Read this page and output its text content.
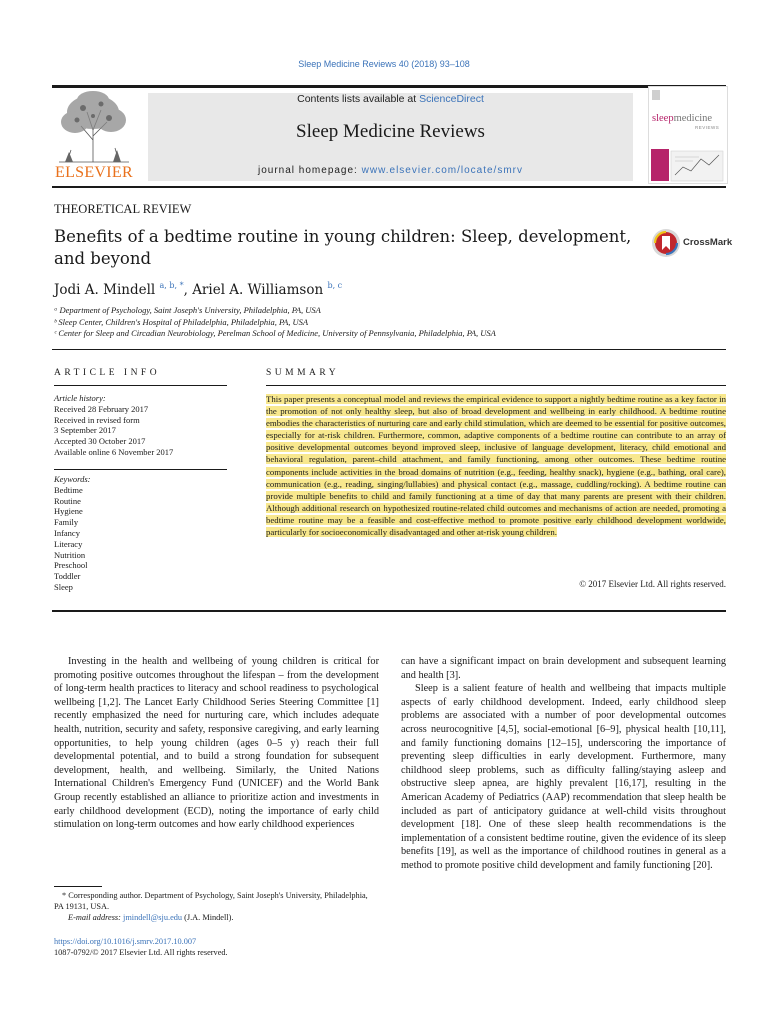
Sleep Medicine Reviews 40 (2018) 93–108
ELSEVIER
Contents lists available at ScienceDirect
Sleep Medicine Reviews
journal homepage: www.elsevier.com/locate/smrv
sleepmedicine
REVIEWS
THEORETICAL REVIEW
Benefits of a bedtime routine in young children: Sleep, development, and beyond
CrossMark
Jodi A. Mindell $^{a, b, *}$, Ariel A. Williamson $^{b, c}$
ᵃ Department of Psychology, Saint Joseph's University, Philadelphia, PA, USA
ᵇ Sleep Center, Children's Hospital of Philadelphia, Philadelphia, PA, USA
ᶜ Center for Sleep and Circadian Neurobiology, Perelman School of Medicine, University of Pennsylvania, Philadelphia, PA, USA
ARTICLE INFO
Article history:
Received 28 February 2017
Received in revised form
3 September 2017
Accepted 30 October 2017
Available online 6 November 2017
Keywords:
Bedtime
Routine
Hygiene
Family
Infancy
Literacy
Nutrition
Preschool
Toddler
Sleep
SUMMARY
This paper presents a conceptual model and reviews the empirical evidence to support a nightly bedtime routine as a key factor in the promotion of not only healthy sleep, but also of broad development and wellbeing in early childhood. A bedtime routine embodies the characteristics of nurturing care and early child stimulation, which are deemed to be essential for positive outcomes, especially for at-risk children. Furthermore, common, adaptive components of a bedtime routine can contribute to an array of positive developmental outcomes beyond improved sleep, inclusive of language development, literacy, child emotional and behavioral regulation, parent–child attachment, and family functioning, among other outcomes. These bedtime routine components include activities in the broad domains of nutrition (e.g., feeding, healthy snack), hygiene (e.g., bathing, oral care), communication (e.g., reading, singing/lullabies) and physical contact (e.g., massage, cuddling/rocking). A bedtime routine can provide multiple benefits to child and family functioning at a time of day that many parents are present with their children. Although additional research on hypothesized routine-related child outcomes and mechanisms of action are needed, promoting a bedtime routine may be a feasible and cost-effective method to promote positive early childhood development worldwide, particularly for socioeconomically disadvantaged and other at-risk young children.
© 2017 Elsevier Ltd. All rights reserved.

Investing in the health and wellbeing of young children is critical for promoting positive outcomes throughout the lifespan – from the development of long-term health practices to literacy and school readiness to psychological wellbeing [1,2]. The Lancet Early Childhood Series Steering Committee [1] recently emphasized the need for nurturing care, which includes adequate health, nutrition, security and safety, responsive caregiving, and early learning opportunities, to help young children (ages 0–5 y) reach their full developmental potential, and to build a strong foundation for subsequent development, health, and wellbeing. Similarly, the United Nations International Children's Emergency Fund (UNICEF) and the World Bank Group recently established an alliance to prioritize action and investments in early childhood development (ECD), noting the importance of early child stimulation on long-term outcomes and how early childhood experiences

can have a significant impact on brain development and subsequent learning and health [3].

Sleep is a salient feature of health and wellbeing that impacts multiple aspects of early childhood development. Indeed, early childhood sleep problems are associated with a number of poor developmental outcomes across neurocognitive [4,5], social-emotional [6–9], physical health [10,11], and family functioning domains [12–15], underscoring the importance of preventing sleep difficulties in early development. Furthermore, many childhood sleep problems, such as difficulty falling/staying asleep and obstructive sleep apnea, are highly prevalent [16,17], resulting in the American Academy of Pediatrics (AAP) recommendation that sleep health be included as part of anticipatory guidance at well-child visits throughout development [18]. One of these sleep health recommendations is the implementation of a consistent bedtime routine, given the evidence of its sleep benefits [19], as well as the importance of childhood routines in general as a method to promote positive child development and family functioning [20].

* Corresponding author. Department of Psychology, Saint Joseph's University, Philadelphia, PA 19131, USA.
E-mail address: jmindell@sju.edu (J.A. Mindell).
https://doi.org/10.1016/j.smrv.2017.10.007
1087-0792/© 2017 Elsevier Ltd. All rights reserved.
